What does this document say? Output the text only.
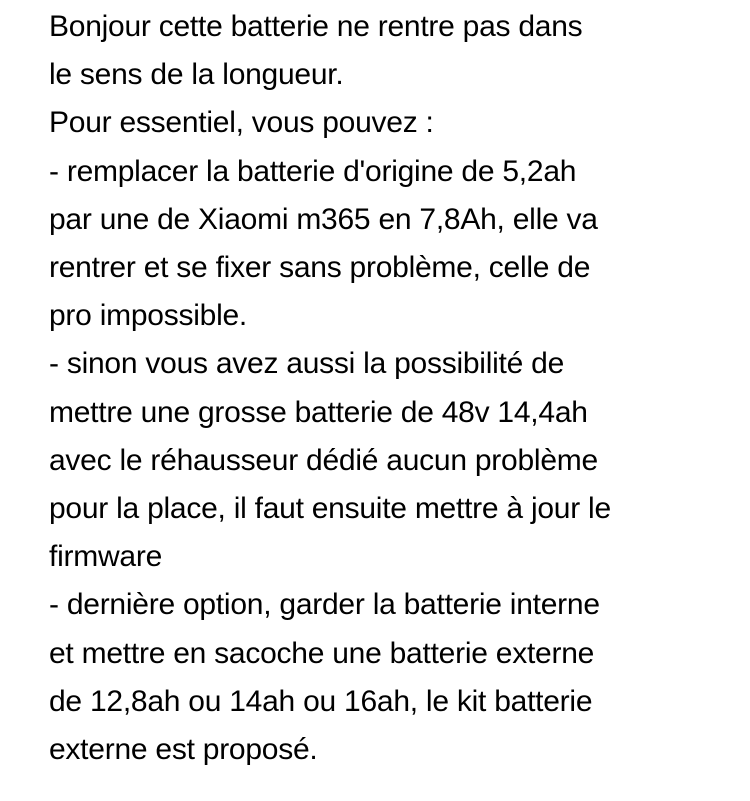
Bonjour cette batterie ne rentre pas dans
le sens de la longueur.
Pour essentiel, vous pouvez :
- remplacer la batterie d'origine de 5,2ah
par une de Xiaomi m365 en 7,8Ah, elle va
rentrer et se fixer sans problème, celle de
pro impossible.
- sinon vous avez aussi la possibilité de
mettre une grosse batterie de 48v 14,4ah
avec le réhausseur dédié aucun problème
pour la place, il faut ensuite mettre à jour le
firmware
- dernière option, garder la batterie interne
et mettre en sacoche une batterie externe
de 12,8ah ou 14ah ou 16ah, le kit batterie
externe est proposé.
